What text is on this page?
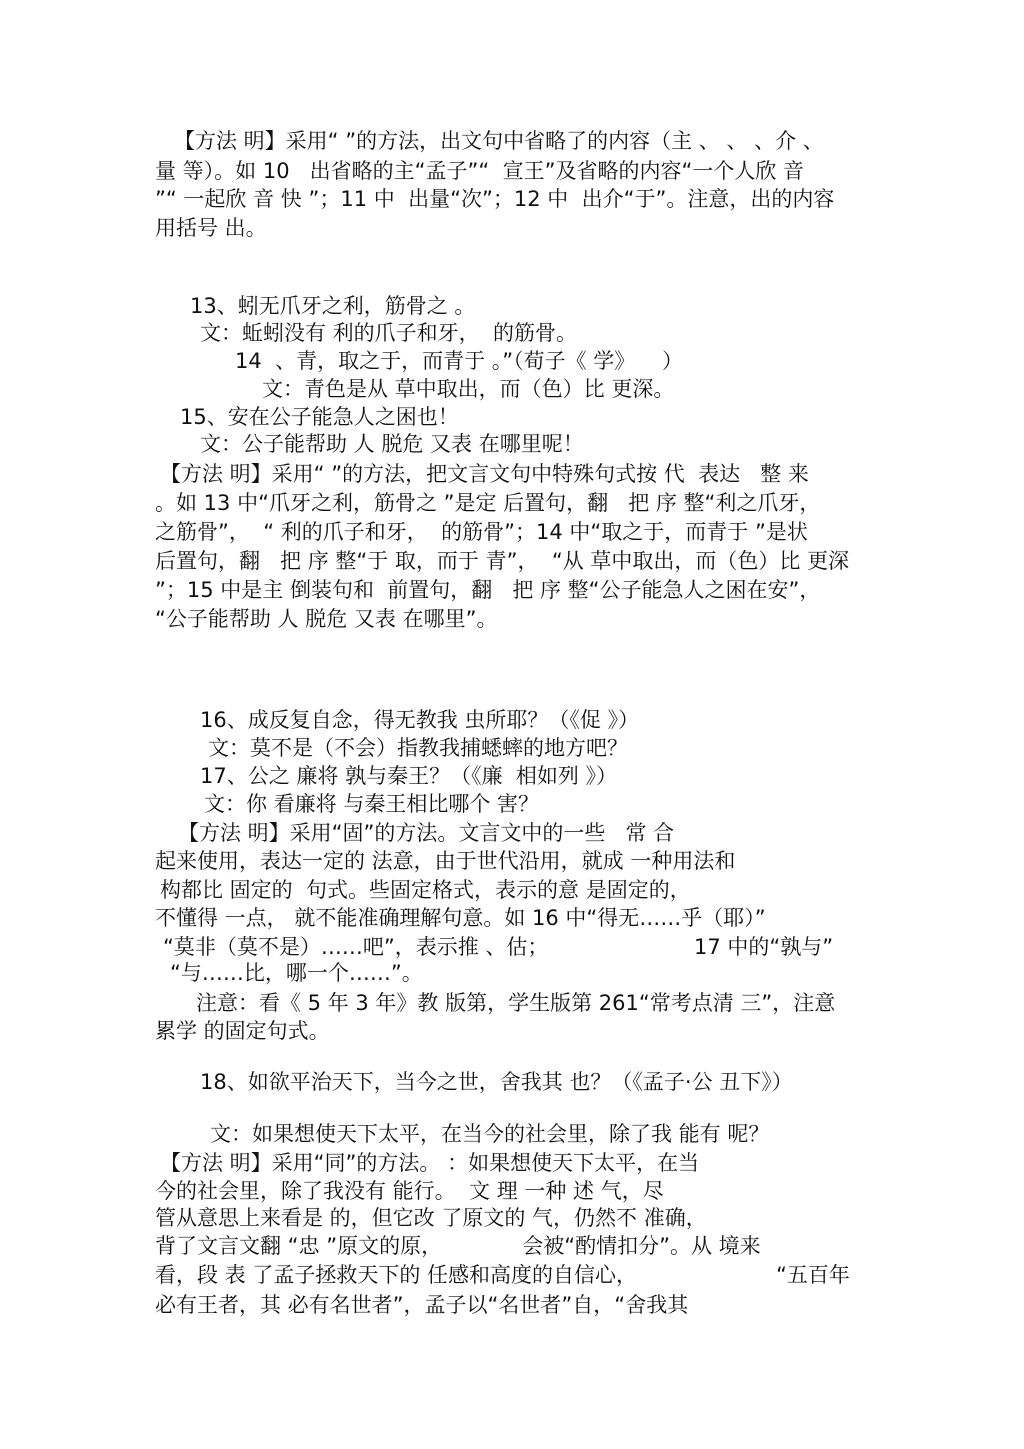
【方法 明】采用“ ”的方法，出文句中省略了的内容（主 、 、 、介 、
量 等）。如 10   出省略的主“孟子”“  宣王”及省略的内容“一个人欣 音
”“ 一起欣 音 快 ”；11 中  出量“次”；12 中  出介“于”。注意，出的内容
用括号 出。
13、蚓无爪牙之利，筋骨之 。
文：蚯蚓没有 利的爪子和牙，  的筋骨。
14  、青，取之于，而青于 。”（荀子《 学》    ）
文：青色是从 草中取出，而（色）比 更深。
15、安在公子能急人之困也！
文：公子能帮助 人 脱危 又表 在哪里呢！
【方法 明】采用“ ”的方法，把文言文句中特殊句式按 代  表达   整 来
。如 13 中“爪牙之利，筋骨之 ”是定 后置句，翻   把 序 整“利之爪牙，
之筋骨”，  “ 利的爪子和牙，  的筋骨”；14 中“取之于，而青于 ”是状
后置句，翻   把 序 整“于 取，而于 青”，  “从 草中取出，而（色）比 更深
”；15 中是主 倒装句和  前置句，翻   把 序 整“公子能急人之困在安”，
“公子能帮助 人 脱危 又表 在哪里”。
16、成反复自念，得无教我 虫所耶？（《促 》）
文：莫不是（不会）指教我捕蟋蟀的地方吧？
17、公之 廉将 孰与秦王？（《廉  相如列 》）
文：你 看廉将 与秦王相比哪个 害？
【方法 明】采用“固”的方法。文言文中的一些   常 合
起来使用，表达一定的 法意，由于世代沿用，就成 一种用法和
构都比 固定的  句式。些固定格式，表示的意 是固定的，
不懂得 一点， 就不能准确理解句意。如 16 中“得无……乎（耶）”
“莫非（莫不是）……吧”，表示推 、估；	17 中的“孰与”
“与……比，哪一个……”。
注意：看《 5 年 3 年》教 版第，学生版第 261“常考点清 三”，注意
累学 的固定句式。
18、如欲平治天下，当今之世，舍我其 也？（《孟子·公 丑下》）
文：如果想使天下太平，在当今的社会里，除了我 能有 呢？
【方法 明】采用“同”的方法。 ：如果想使天下太平，在当
今的社会里，除了我没有 能行。  文 理 一种 述 气，尽
管从意思上来看是 的，但它改 了原文的 气，仍然不 准确，
背了文言文翻 “忠 ”原文的原，            会被“酌情扣分”。从 境来
看，段 表 了孟子拯救天下的 任感和高度的自信心，	“五百年
必有王者，其 必有名世者”，孟子以“名世者”自，“舍我其
